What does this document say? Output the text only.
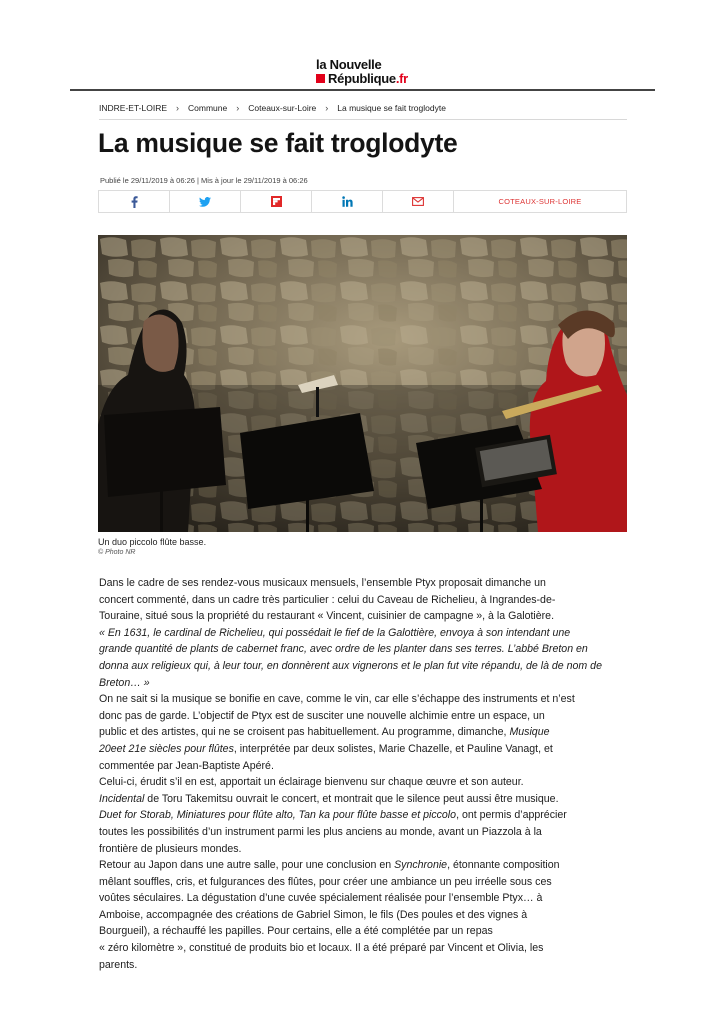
la Nouvelle
République .fr
INDRE-ET-LOIRE › Commune › Coteaux-sur-Loire › La musique se fait troglodyte
La musique se fait troglodyte
Publié le 29/11/2019 à 06:26 | Mis à jour le 29/11/2019 à 06:26
COTEAUX-SUR-LOIRE
Un duo piccolo flûte basse.
© Photo NR
Dans le cadre de ses rendez-vous musicaux mensuels, l’ensemble Ptyx proposait dimanche un
concert commenté, dans un cadre très particulier : celui du Caveau de Richelieu, à Ingrandes-de-
Touraine, situé sous la propriété du restaurant « Vincent, cuisinier de campagne », à la Galotière.
« En 1631, le cardinal de Richelieu, qui possédait le fief de la Galottière, envoya à son intendant une
grande quantité de plants de cabernet franc, avec ordre de les planter dans ses terres. L’abbé Breton en
donna aux religieux qui, à leur tour, en donnèrent aux vignerons et le plan fut vite répandu, de là de nom de
Breton… »
On ne sait si la musique se bonifie en cave, comme le vin, car elle s’échappe des instruments et n’est
donc pas de garde. L’objectif de Ptyx est de susciter une nouvelle alchimie entre un espace, un
public et des artistes, qui ne se croisent pas habituellement. Au programme, dimanche, Musique
20eet 21e siècles pour flûtes, interprétée par deux solistes, Marie Chazelle, et Pauline Vanagt, et
commentée par Jean-Baptiste Apéré.
Celui-ci, érudit s’il en est, apportait un éclairage bienvenu sur chaque œuvre et son auteur.
Incidental de Toru Takemitsu ouvrait le concert, et montrait que le silence peut aussi être musique.
Duet for Storab, Miniatures pour flûte alto, Tan ka pour flûte basse et piccolo, ont permis d’apprécier
toutes les possibilités d’un instrument parmi les plus anciens au monde, avant un Piazzola à la
frontière de plusieurs mondes.
Retour au Japon dans une autre salle, pour une conclusion en Synchronie, étonnante composition
mêlant souffles, cris, et fulgurances des flûtes, pour créer une ambiance un peu irréelle sous ces
voûtes séculaires. La dégustation d’une cuvée spécialement réalisée pour l’ensemble Ptyx… à
Amboise, accompagnée des créations de Gabriel Simon, le fils (Des poules et des vignes à
Bourgueil), a réchauffé les papilles. Pour certains, elle a été complétée par un repas
« zéro kilomètre », constitué de produits bio et locaux. Il a été préparé par Vincent et Olivia, les
parents.
